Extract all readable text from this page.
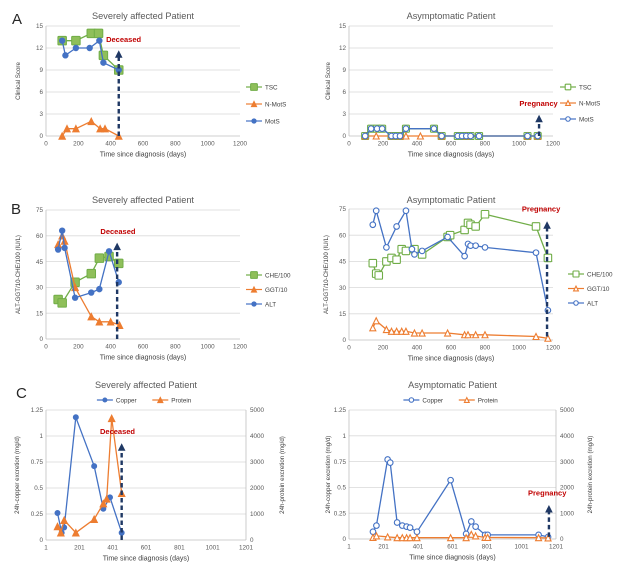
A
B
C
0
3
6
9
12
15
0	200	400	600	800	1000	1200
Time since diagnosis (days)
Clinical Score
Deceased
TSC
N-MotS
MotS
Severely affected Patient
0
3
6
9
12
15
0	200	400	600	800	1000	1200
Time since diagnosis (days)
Clinical Score
Pregnancy
TSC
N-MotS
MotS
Asymptomatic Patient
0
15
30
45
60
75
0	200	400	600	800	1000	1200
Time since diagnosis (days)
ALT-GGT/10-CHE/100 (IU/L)
Deceased
CHE/100
GGT/10
ALT
Severely affected Patient
0
15
30
45
60
75
0	200	400	600	800	1000	1200
Time since diagnosis (days)
ALT-GGT/10-CHE/100 (IU/L)
Pregnancy
CHE/100
GGT/10
ALT
Asymptomatic Patient
0
0.25
0.5
0.75
1
1.25
0
1000
2000
3000
4000
5000
1	201	401	601	801	1001	1201
Time since diagnosis (days)
24h-copper excretion (mg/d)	24h-protein excretion (mg/d)
Deceased
Copper	Protein
Severely affected Patient
0
0.25
0.5
0.75
1
1.25
0
1000
2000
3000
4000
5000
1	201	401	601	801	1001	1201
Time since diagnosis (days)
24h-copper excretion (mg/d)	24h-protein excretion (mg/d)
Pregnancy
Copper	Protein
Asymptomatic Patient
